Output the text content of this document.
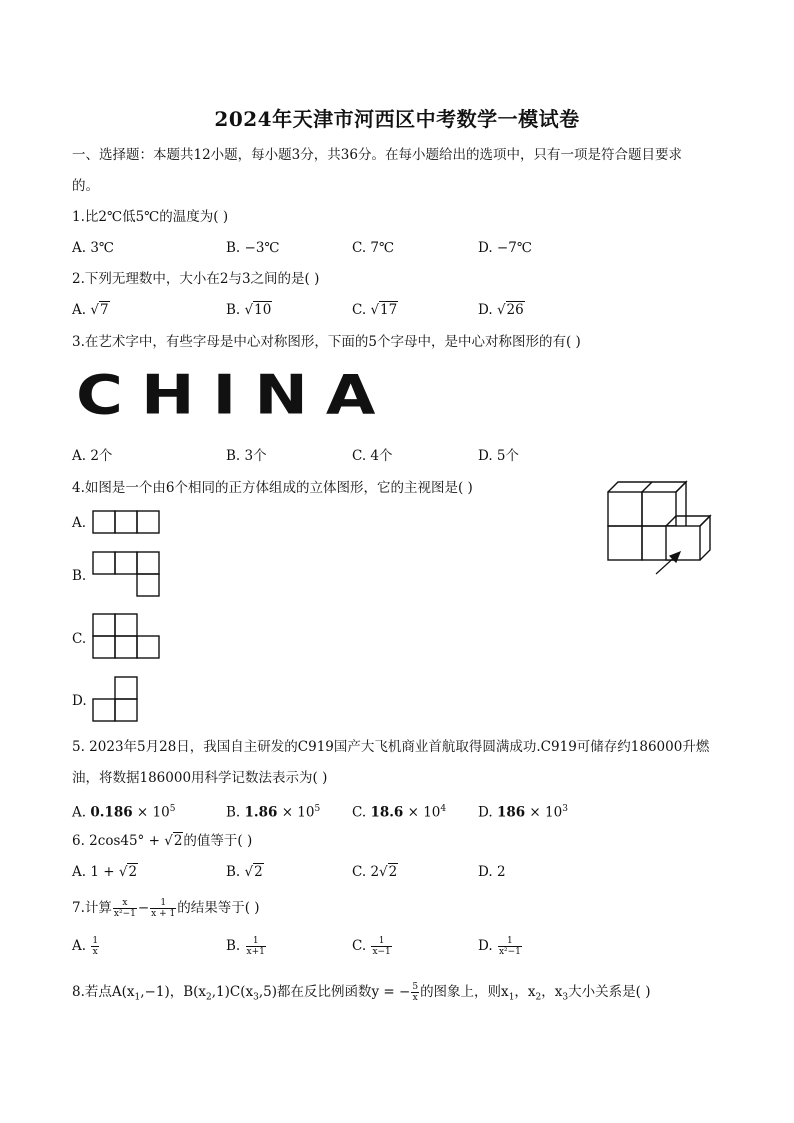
2024年天津市河西区中考数学一模试卷
一、选择题：本题共12小题，每小题3分，共36分。在每小题给出的选项中，只有一项是符合题目要求
的。
1.比2℃低5℃的温度为( )
A. 3℃	B. −3℃	C. 7℃	D. −7℃
2.下列无理数中，大小在2与3之间的是( )
A. √7	B. √10	C. √17	D. √26
3.在艺术字中，有些字母是中心对称图形，下面的5个字母中，是中心对称图形的有( )
CHINA
A. 2个	B. 3个	C. 4个	D. 5个
4.如图是一个由6个相同的正方体组成的立体图形，它的主视图是( )
A.
B.
C.
D.
5. 2023年5月28日，我国自主研发的C919国产大飞机商业首航取得圆满成功.C919可储存约186000升燃
油，将数据186000用科学记数法表示为( )
A. $0.186 \times 10^5$	B. $1.86 \times 10^5$ C. $18.6 \times 10^4$ D. $186 \times 10^3$
6. 2cos45° + √2的值等于( )
A. 1 + √2	B. √2	C. 2√2	D. 2
7.计算 $\frac{x}{\text{x²−1}} - \frac{1}{x + 1}$ 的结果等于( )
A. $\frac{1}{x}$	B. $\frac{1}{x+1}$	C. $\frac{1}{x-1}$	D. $\frac{1}{\text{x²−1}}$
8.若点$A(x_1,-1)$，$B(x_2,1)C(x_3,5)$都在反比例函数y = − $\frac{5}{x}$ 的图象上，则$x_1$，$x_2$，$x_3$大小关系是( )
